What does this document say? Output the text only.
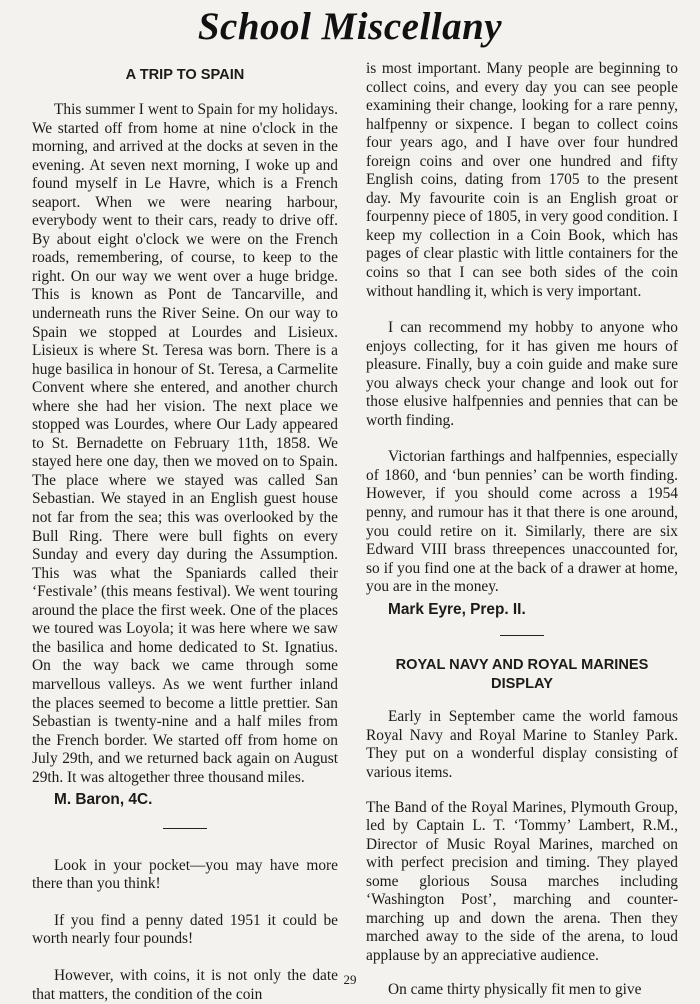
School Miscellany
A TRIP TO SPAIN

This summer I went to Spain for my holidays. We started off from home at nine o'clock in the morning, and arrived at the docks at seven in the evening. At seven next morning, I woke up and found myself in Le Havre, which is a French seaport. When we were nearing harbour, everybody went to their cars, ready to drive off. By about eight o'clock we were on the French roads, remembering, of course, to keep to the right. On our way we went over a huge bridge. This is known as Pont de Tancarville, and underneath runs the River Seine. On our way to Spain we stopped at Lourdes and Lisieux. Lisieux is where St. Teresa was born. There is a huge basilica in honour of St. Teresa, a Carmelite Convent where she entered, and another church where she had her vision. The next place we stopped was Lourdes, where Our Lady appeared to St. Bernadette on February 11th, 1858. We stayed here one day, then we moved on to Spain. The place where we stayed was called San Sebastian. We stayed in an English guest house not far from the sea; this was overlooked by the Bull Ring. There were bull fights on every Sunday and every day during the Assumption. This was what the Spaniards called their ‘Festivale’ (this means festival). We went touring around the place the first week. One of the places we toured was Loyola; it was here where we saw the basilica and home dedicated to St. Ignatius. On the way back we came through some marvellous valleys. As we went further inland the places seemed to become a little prettier. San Sebastian is twenty-nine and a half miles from the French border. We started off from home on July 29th, and we returned back again on August 29th. It was altogether three thousand miles.

M. Baron, 4C.

Look in your pocket—you may have more there than you think!

If you find a penny dated 1951 it could be worth nearly four pounds!

However, with coins, it is not only the date that matters, the condition of the coin

is most important. Many people are beginning to collect coins, and every day you can see people examining their change, looking for a rare penny, halfpenny or sixpence. I began to collect coins four years ago, and I have over four hundred foreign coins and over one hundred and fifty English coins, dating from 1705 to the present day. My favourite coin is an English groat or fourpenny piece of 1805, in very good condition. I keep my collection in a Coin Book, which has pages of clear plastic with little containers for the coins so that I can see both sides of the coin without handling it, which is very important.

I can recommend my hobby to anyone who enjoys collecting, for it has given me hours of pleasure. Finally, buy a coin guide and make sure you always check your change and look out for those elusive halfpennies and pennies that can be worth finding.

Victorian farthings and halfpennies, especially of 1860, and ‘bun pennies’ can be worth finding. However, if you should come across a 1954 penny, and rumour has it that there is one around, you could retire on it. Similarly, there are six Edward VIII brass threepences unaccounted for, so if you find one at the back of a drawer at home, you are in the money.

Mark Eyre, Prep. II.

ROYAL NAVY AND ROYAL MARINES DISPLAY

Early in September came the world famous Royal Navy and Royal Marine to Stanley Park. They put on a wonderful display consisting of various items.

The Band of the Royal Marines, Plymouth Group, led by Captain L. T. ‘Tommy’ Lambert, R.M., Director of Music Royal Marines, marched on with perfect precision and timing. They played some glorious Sousa marches including ‘Washington Post’, marching and counter-marching up and down the arena. Then they marched away to the side of the arena, to loud applause by an appreciative audience.

On came thirty physically fit men to give

29
